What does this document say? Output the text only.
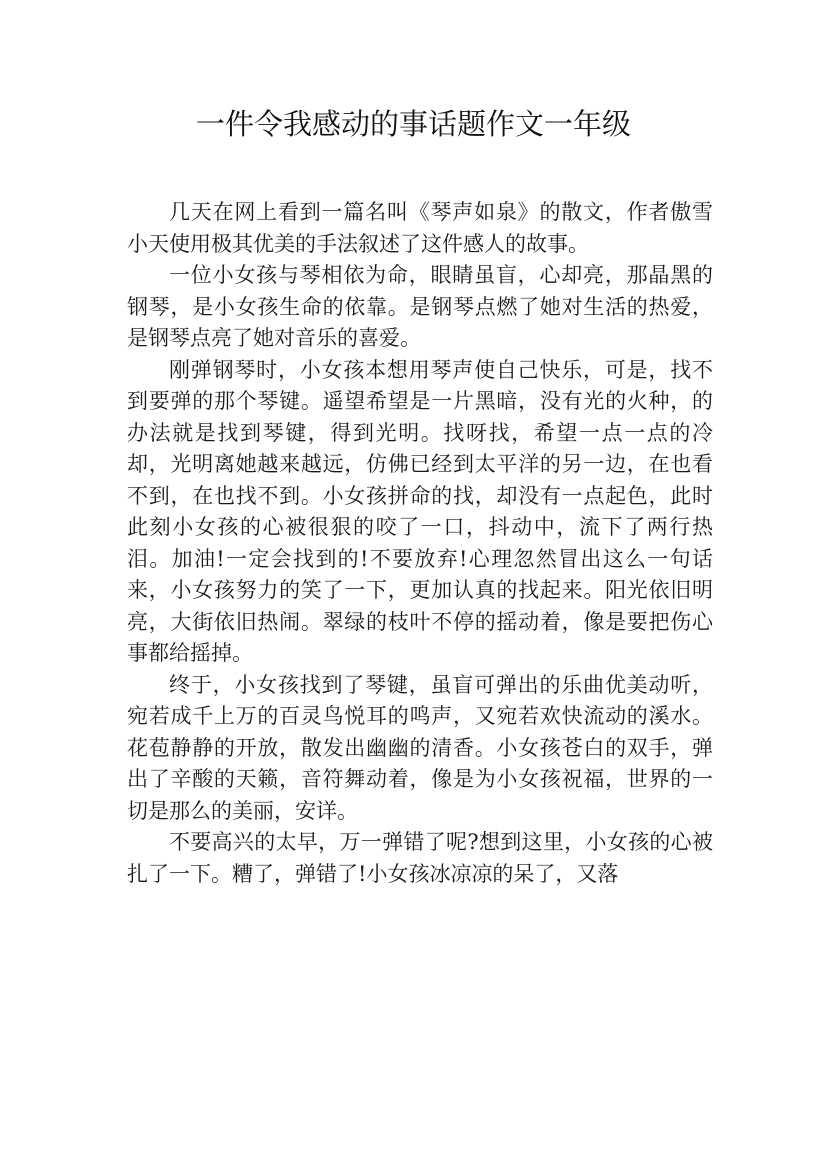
一件令我感动的事话题作文一年级

几天在网上看到一篇名叫《琴声如泉》的散文，作者傲雪小天使用极其优美的手法叙述了这件感人的故事。

一位小女孩与琴相依为命，眼睛虽盲，心却亮，那晶黑的钢琴，是小女孩生命的依靠。是钢琴点燃了她对生活的热爱，是钢琴点亮了她对音乐的喜爱。

刚弹钢琴时，小女孩本想用琴声使自己快乐，可是，找不到要弹的那个琴键。遥望希望是一片黑暗，没有光的火种，的办法就是找到琴键，得到光明。找呀找，希望一点一点的冷却，光明离她越来越远，仿佛已经到太平洋的另一边，在也看不到，在也找不到。小女孩拼命的找，却没有一点起色，此时此刻小女孩的心被很狠的咬了一口，抖动中，流下了两行热泪。加油!一定会找到的!不要放弃!心理忽然冒出这么一句话来，小女孩努力的笑了一下，更加认真的找起来。阳光依旧明亮，大街依旧热闹。翠绿的枝叶不停的摇动着，像是要把伤心事都给摇掉。

终于，小女孩找到了琴键，虽盲可弹出的乐曲优美动听，宛若成千上万的百灵鸟悦耳的鸣声，又宛若欢快流动的溪水。花苞静静的开放，散发出幽幽的清香。小女孩苍白的双手，弹出了辛酸的天籁，音符舞动着，像是为小女孩祝福，世界的一切是那么的美丽，安详。

不要高兴的太早，万一弹错了呢?想到这里，小女孩的心被扎了一下。糟了，弹错了!小女孩冰凉凉的呆了，又落
